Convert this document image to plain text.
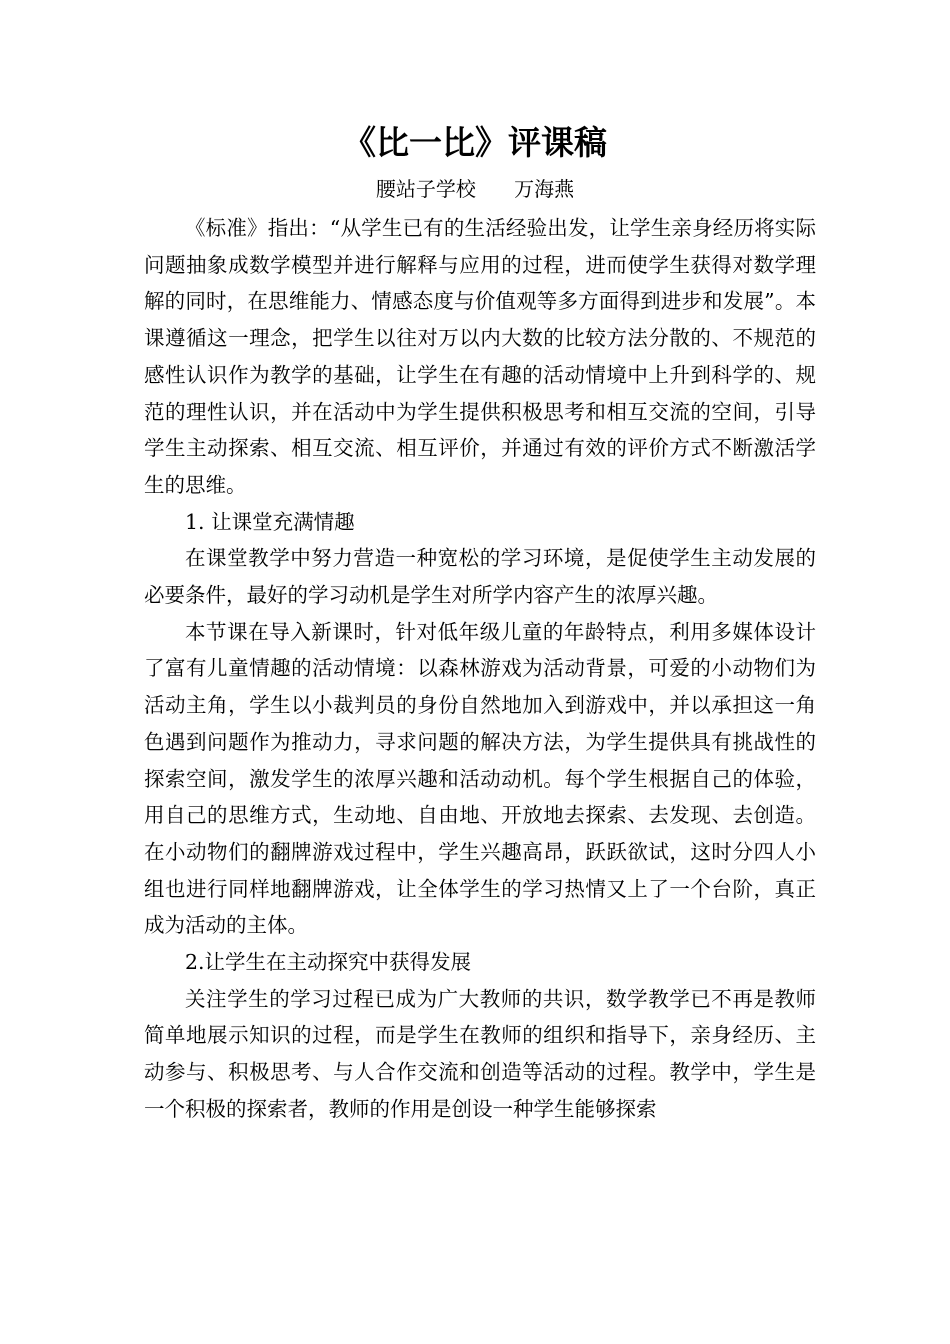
《比一比》评课稿
腰站子学校      万海燕

《标准》指出：“从学生已有的生活经验出发，让学生亲身经历将实际问题抽象成数学模型并进行解释与应用的过程，进而使学生获得对数学理解的同时，在思维能力、情感态度与价值观等多方面得到进步和发展”。本课遵循这一理念，把学生以往对万以内大数的比较方法分散的、不规范的感性认识作为教学的基础，让学生在有趣的活动情境中上升到科学的、规范的理性认识，并在活动中为学生提供积极思考和相互交流的空间，引导学生主动探索、相互交流、相互评价，并通过有效的评价方式不断激活学生的思维。

1. 让课堂充满情趣

在课堂教学中努力营造一种宽松的学习环境，是促使学生主动发展的必要条件，最好的学习动机是学生对所学内容产生的浓厚兴趣。

本节课在导入新课时，针对低年级儿童的年龄特点，利用多媒体设计了富有儿童情趣的活动情境：以森林游戏为活动背景，可爱的小动物们为活动主角，学生以小裁判员的身份自然地加入到游戏中，并以承担这一角色遇到问题作为推动力，寻求问题的解决方法，为学生提供具有挑战性的探索空间，激发学生的浓厚兴趣和活动动机。每个学生根据自己的体验，用自己的思维方式，生动地、自由地、开放地去探索、去发现、去创造。在小动物们的翻牌游戏过程中，学生兴趣高昂，跃跃欲试，这时分四人小组也进行同样地翻牌游戏，让全体学生的学习热情又上了一个台阶，真正成为活动的主体。

2.让学生在主动探究中获得发展

关注学生的学习过程已成为广大教师的共识，数学教学已不再是教师简单地展示知识的过程，而是学生在教师的组织和指导下，亲身经历、主动参与、积极思考、与人合作交流和创造等活动的过程。教学中，学生是一个积极的探索者，教师的作用是创设一种学生能够探索
